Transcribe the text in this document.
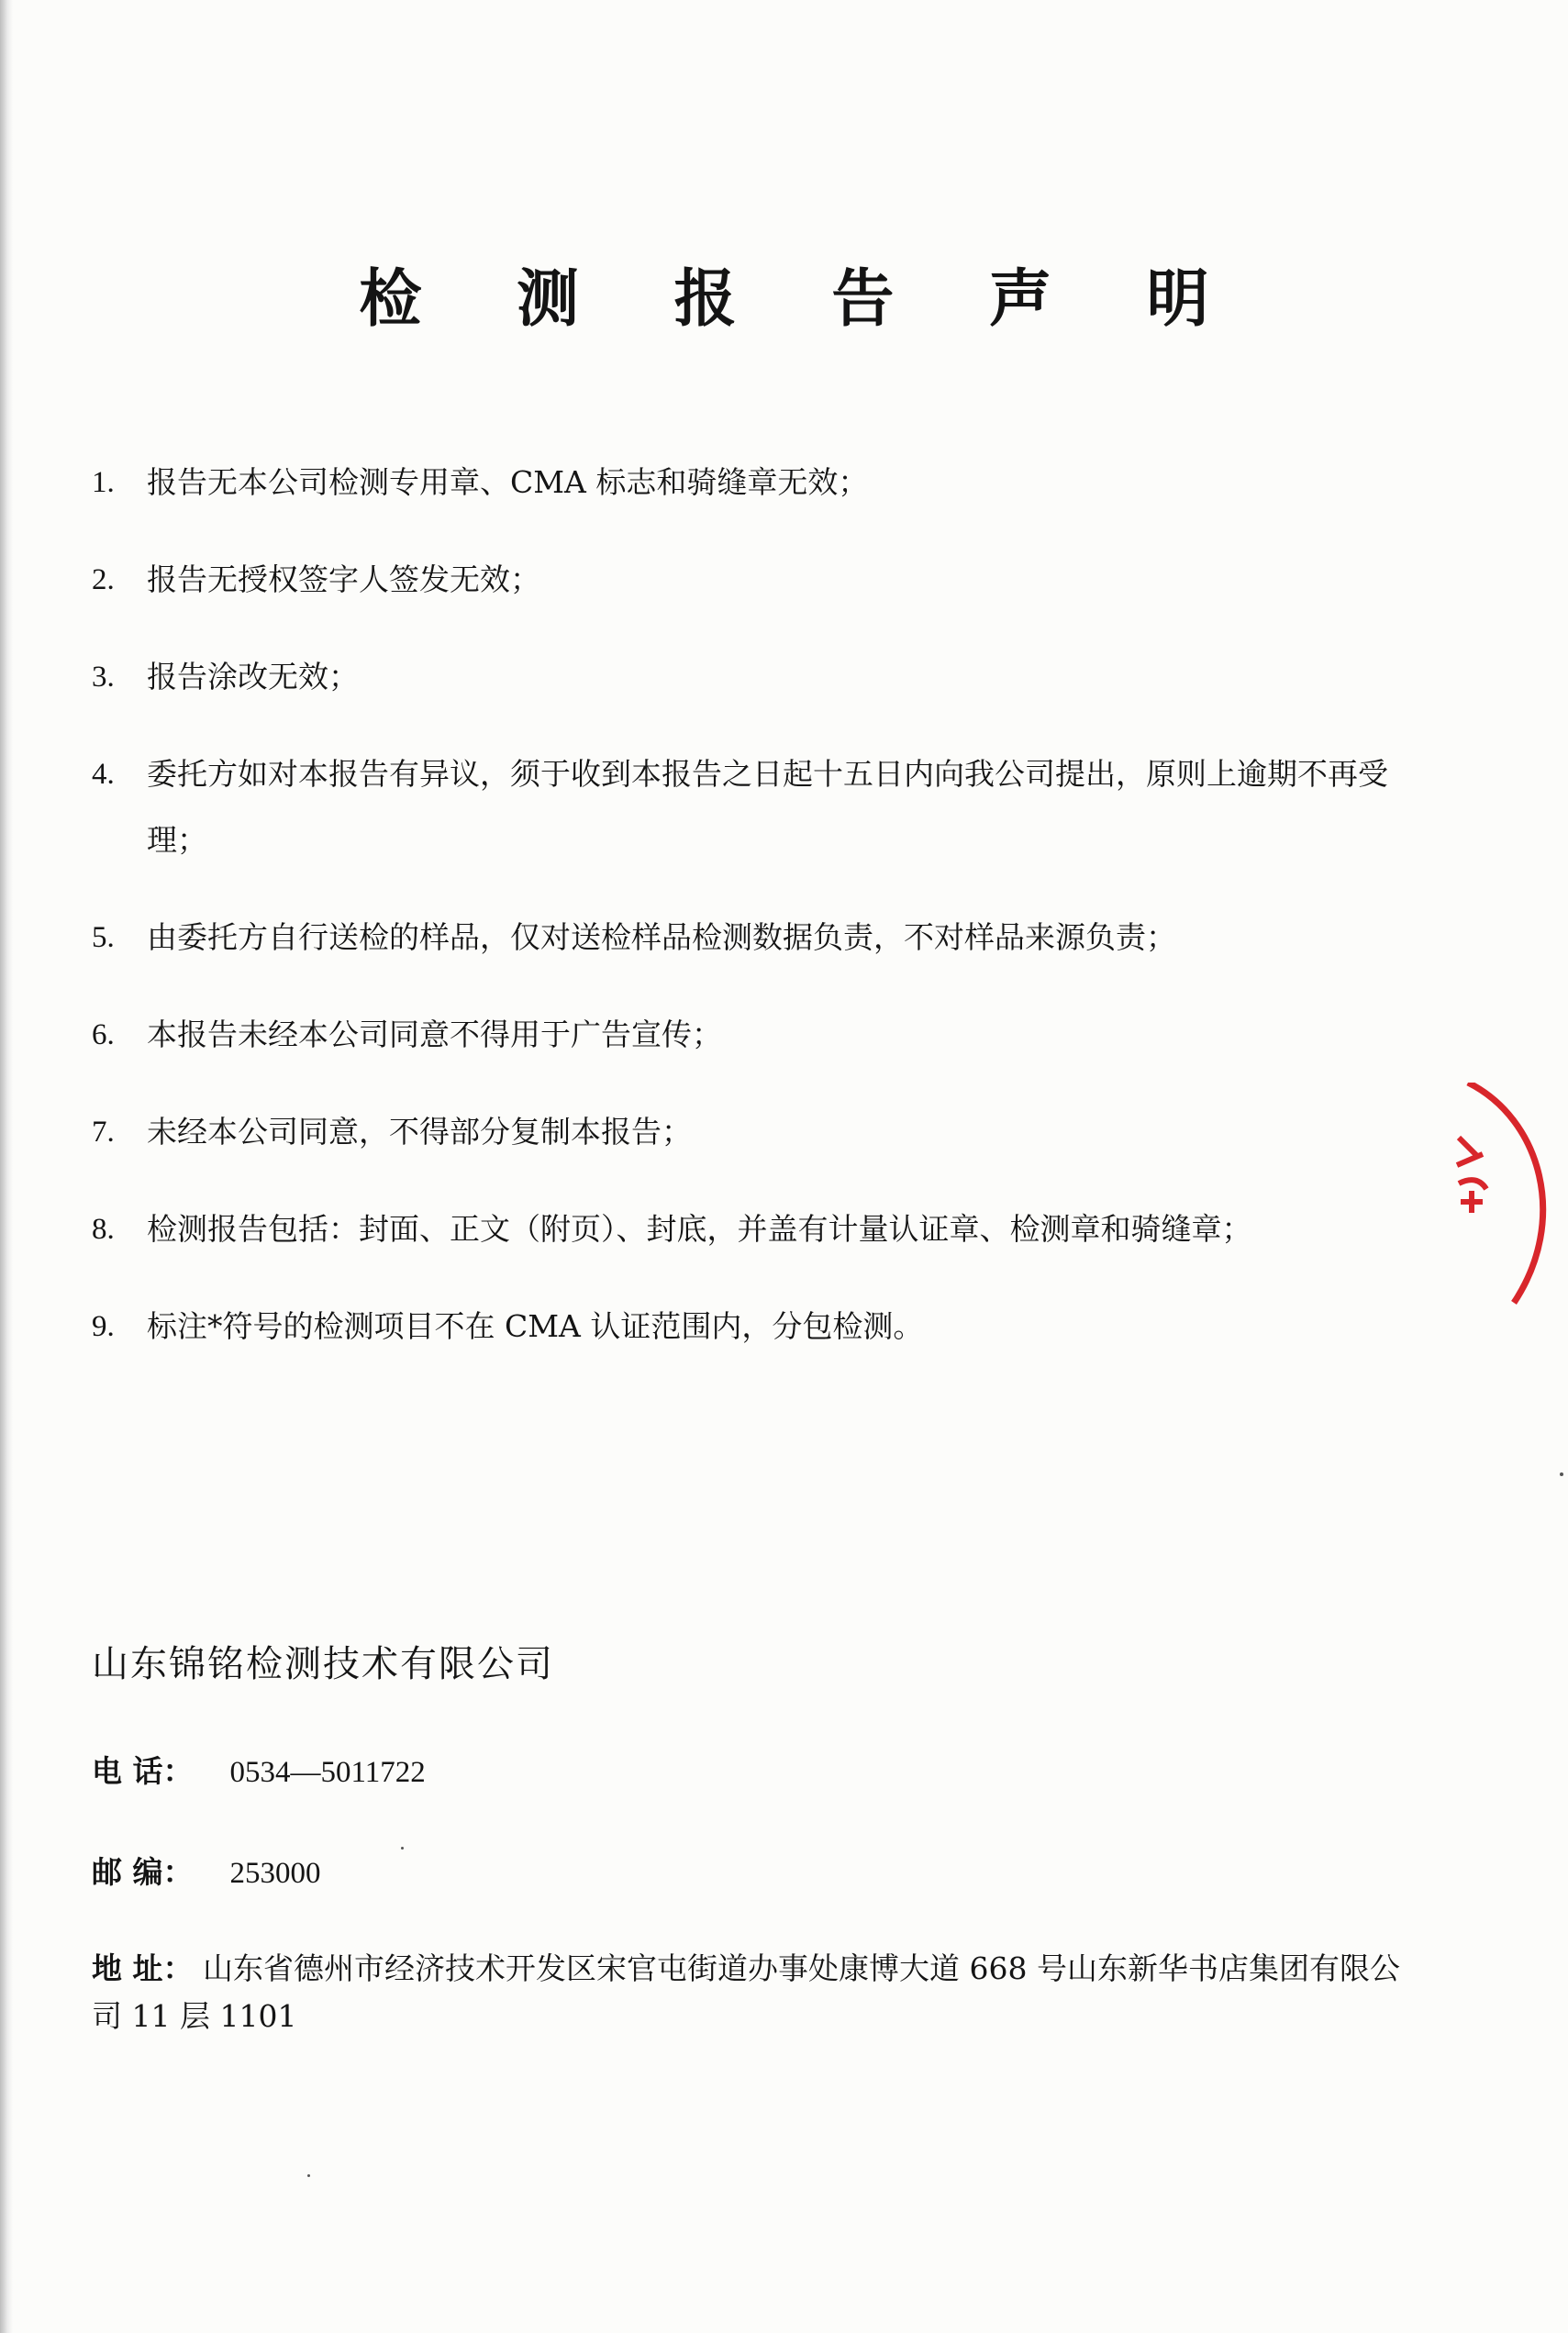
检 测 报 告 声 明
1. 报告无本公司检测专用章、CMA 标志和骑缝章无效；
2. 报告无授权签字人签发无效；
3. 报告涂改无效；
4. 委托方如对本报告有异议，须于收到本报告之日起十五日内向我公司提出，原则上逾期不再受理；
5. 由委托方自行送检的样品，仅对送检样品检测数据负责，不对样品来源负责；
6. 本报告未经本公司同意不得用于广告宣传；
7. 未经本公司同意，不得部分复制本报告；
8. 检测报告包括：封面、正文（附页）、封底，并盖有计量认证章、检测章和骑缝章；
9. 标注*符号的检测项目不在 CMA 认证范围内，分包检测。
山东锦铭检测技术有限公司
电 话： 0534—5011722
邮 编： 253000
地 址： 山东省德州市经济技术开发区宋官屯街道办事处康博大道 668 号山东新华书店集团有限公司 11 层 1101
